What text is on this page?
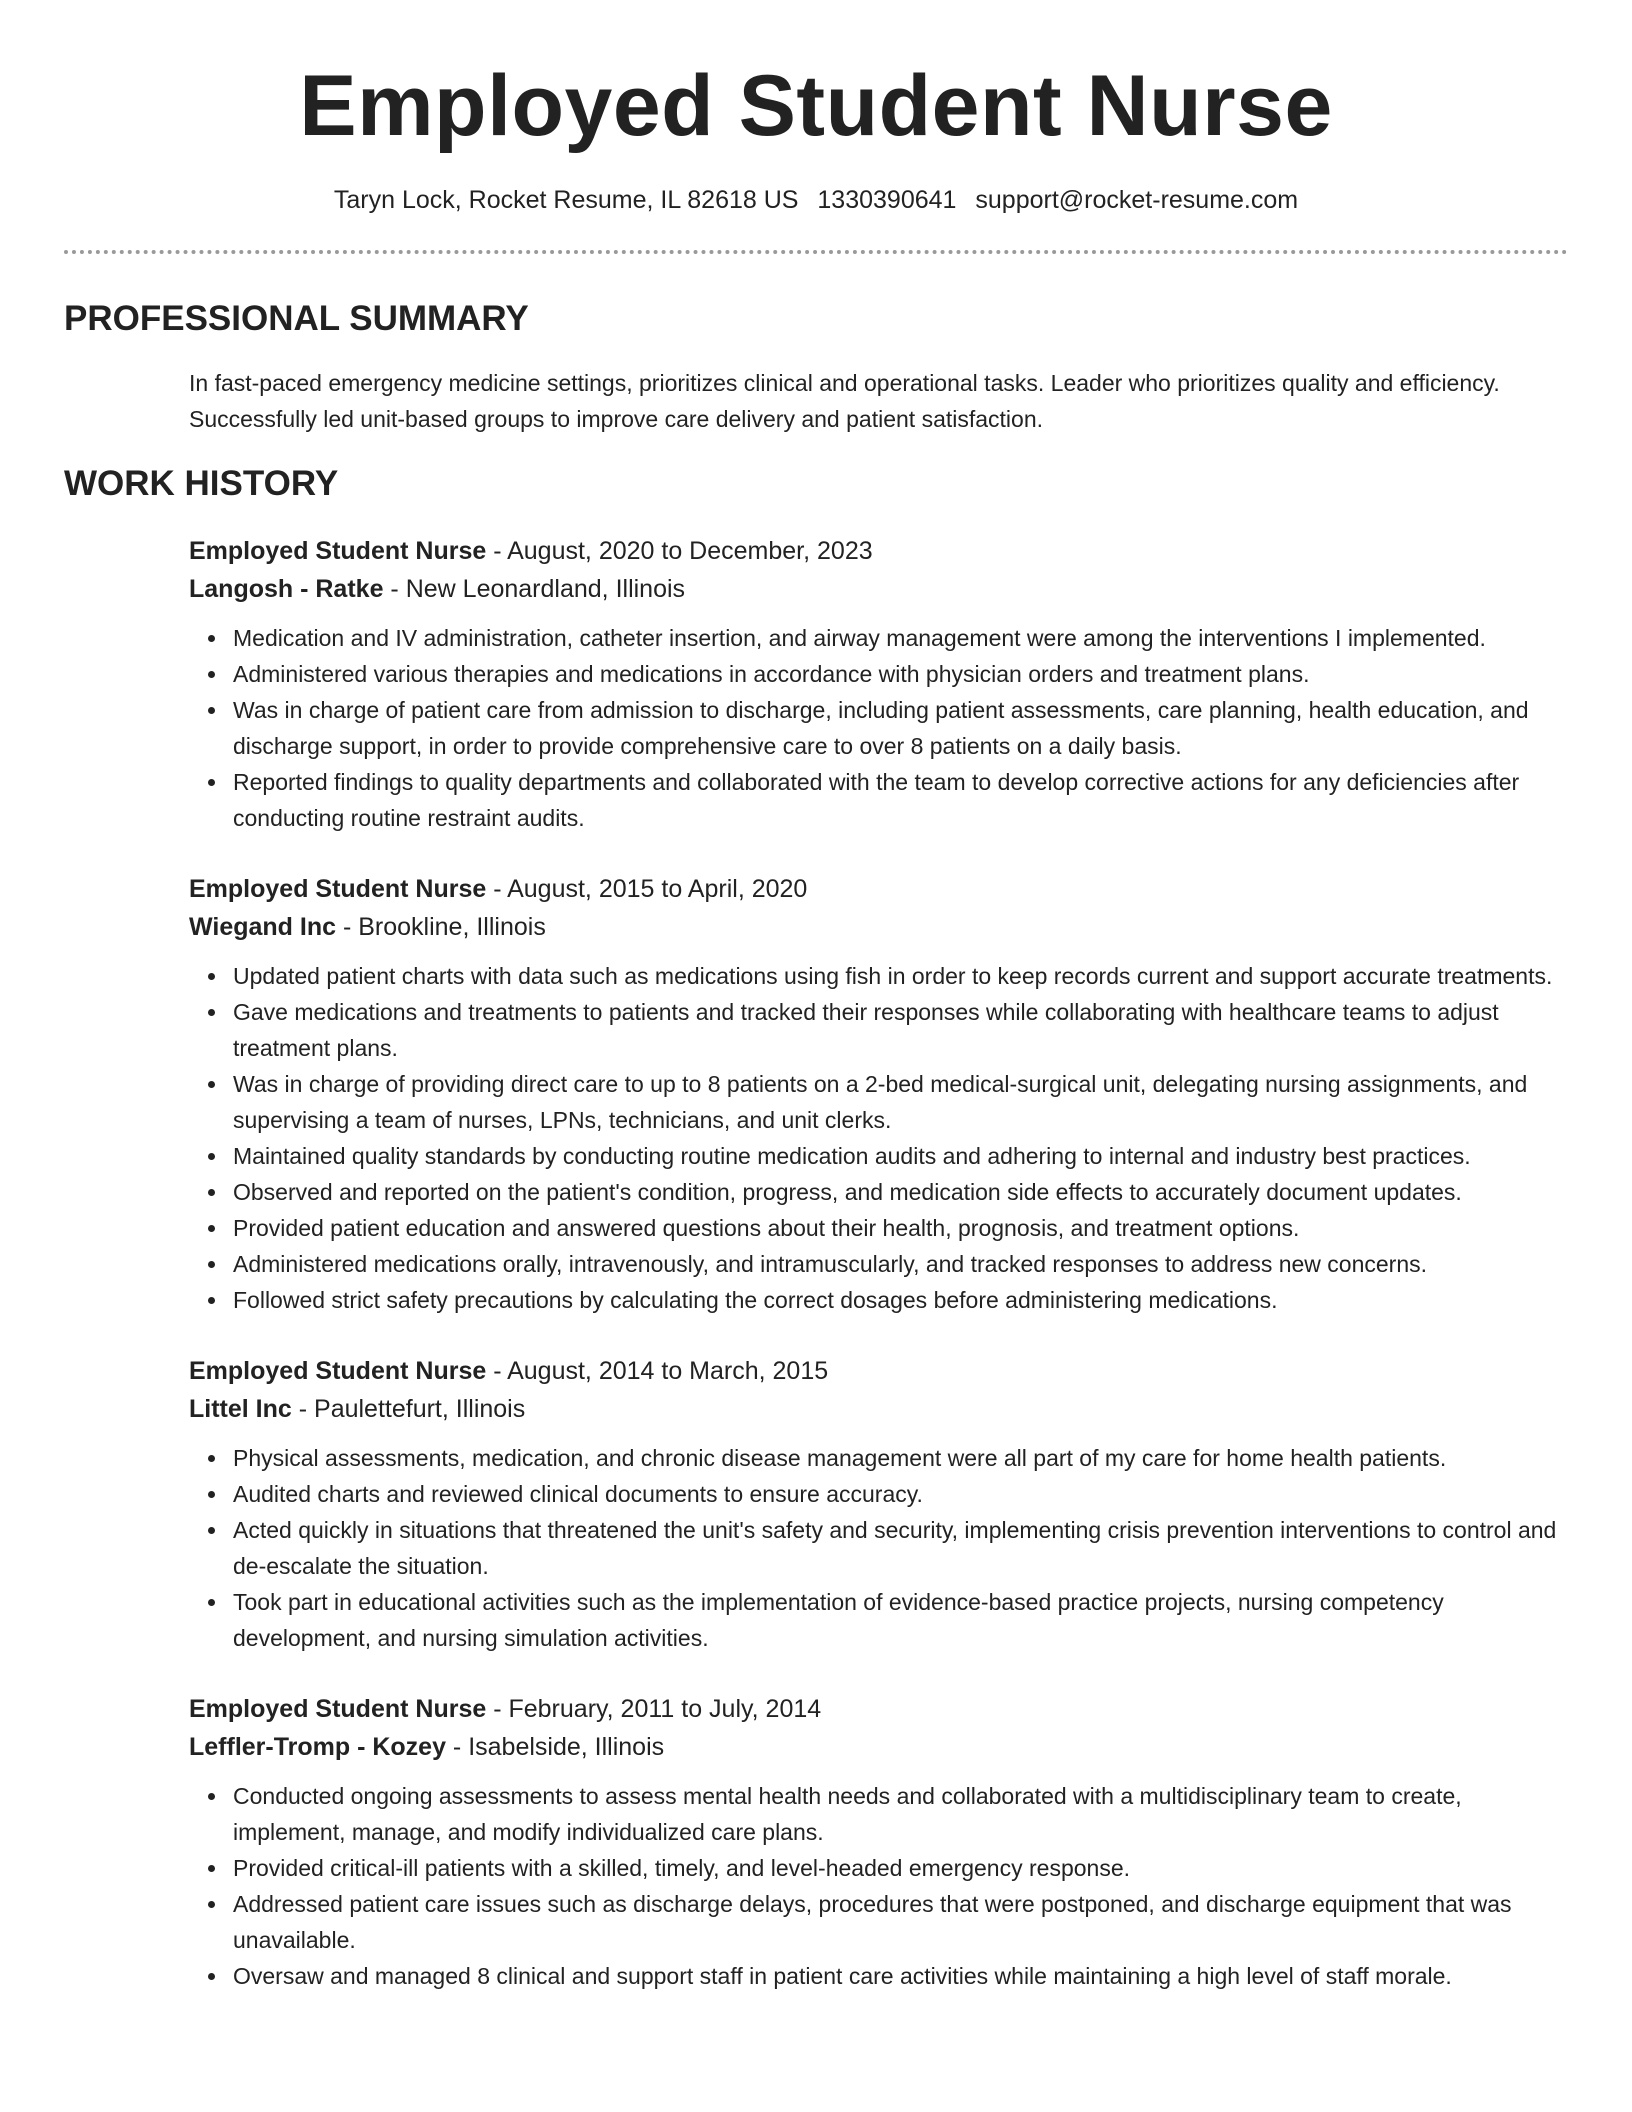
Employed Student Nurse
Taryn Lock, Rocket Resume, IL 82618 US 1330390641 support@rocket-resume.com
PROFESSIONAL SUMMARY

In fast-paced emergency medicine settings, prioritizes clinical and operational tasks. Leader who prioritizes quality and efficiency. Successfully led unit-based groups to improve care delivery and patient satisfaction.

WORK HISTORY

Employed Student Nurse - August, 2020 to December, 2023

Langosh - Ratke - New Leonardland, Illinois

Medication and IV administration, catheter insertion, and airway management were among the interventions I implemented.
Administered various therapies and medications in accordance with physician orders and treatment plans.
Was in charge of patient care from admission to discharge, including patient assessments, care planning, health education, and discharge support, in order to provide comprehensive care to over 8 patients on a daily basis.
Reported findings to quality departments and collaborated with the team to develop corrective actions for any deficiencies after conducting routine restraint audits.

Employed Student Nurse - August, 2015 to April, 2020

Wiegand Inc - Brookline, Illinois

Updated patient charts with data such as medications using fish in order to keep records current and support accurate treatments.
Gave medications and treatments to patients and tracked their responses while collaborating with healthcare teams to adjust treatment plans.
Was in charge of providing direct care to up to 8 patients on a 2-bed medical-surgical unit, delegating nursing assignments, and supervising a team of nurses, LPNs, technicians, and unit clerks.
Maintained quality standards by conducting routine medication audits and adhering to internal and industry best practices.
Observed and reported on the patient's condition, progress, and medication side effects to accurately document updates.
Provided patient education and answered questions about their health, prognosis, and treatment options.
Administered medications orally, intravenously, and intramuscularly, and tracked responses to address new concerns.
Followed strict safety precautions by calculating the correct dosages before administering medications.

Employed Student Nurse - August, 2014 to March, 2015

Littel Inc - Paulettefurt, Illinois

Physical assessments, medication, and chronic disease management were all part of my care for home health patients.
Audited charts and reviewed clinical documents to ensure accuracy.
Acted quickly in situations that threatened the unit's safety and security, implementing crisis prevention interventions to control and de-escalate the situation.
Took part in educational activities such as the implementation of evidence-based practice projects, nursing competency development, and nursing simulation activities.

Employed Student Nurse - February, 2011 to July, 2014

Leffler-Tromp - Kozey - Isabelside, Illinois

Conducted ongoing assessments to assess mental health needs and collaborated with a multidisciplinary team to create, implement, manage, and modify individualized care plans.
Provided critical-ill patients with a skilled, timely, and level-headed emergency response.
Addressed patient care issues such as discharge delays, procedures that were postponed, and discharge equipment that was unavailable.
Oversaw and managed 8 clinical and support staff in patient care activities while maintaining a high level of staff morale.
